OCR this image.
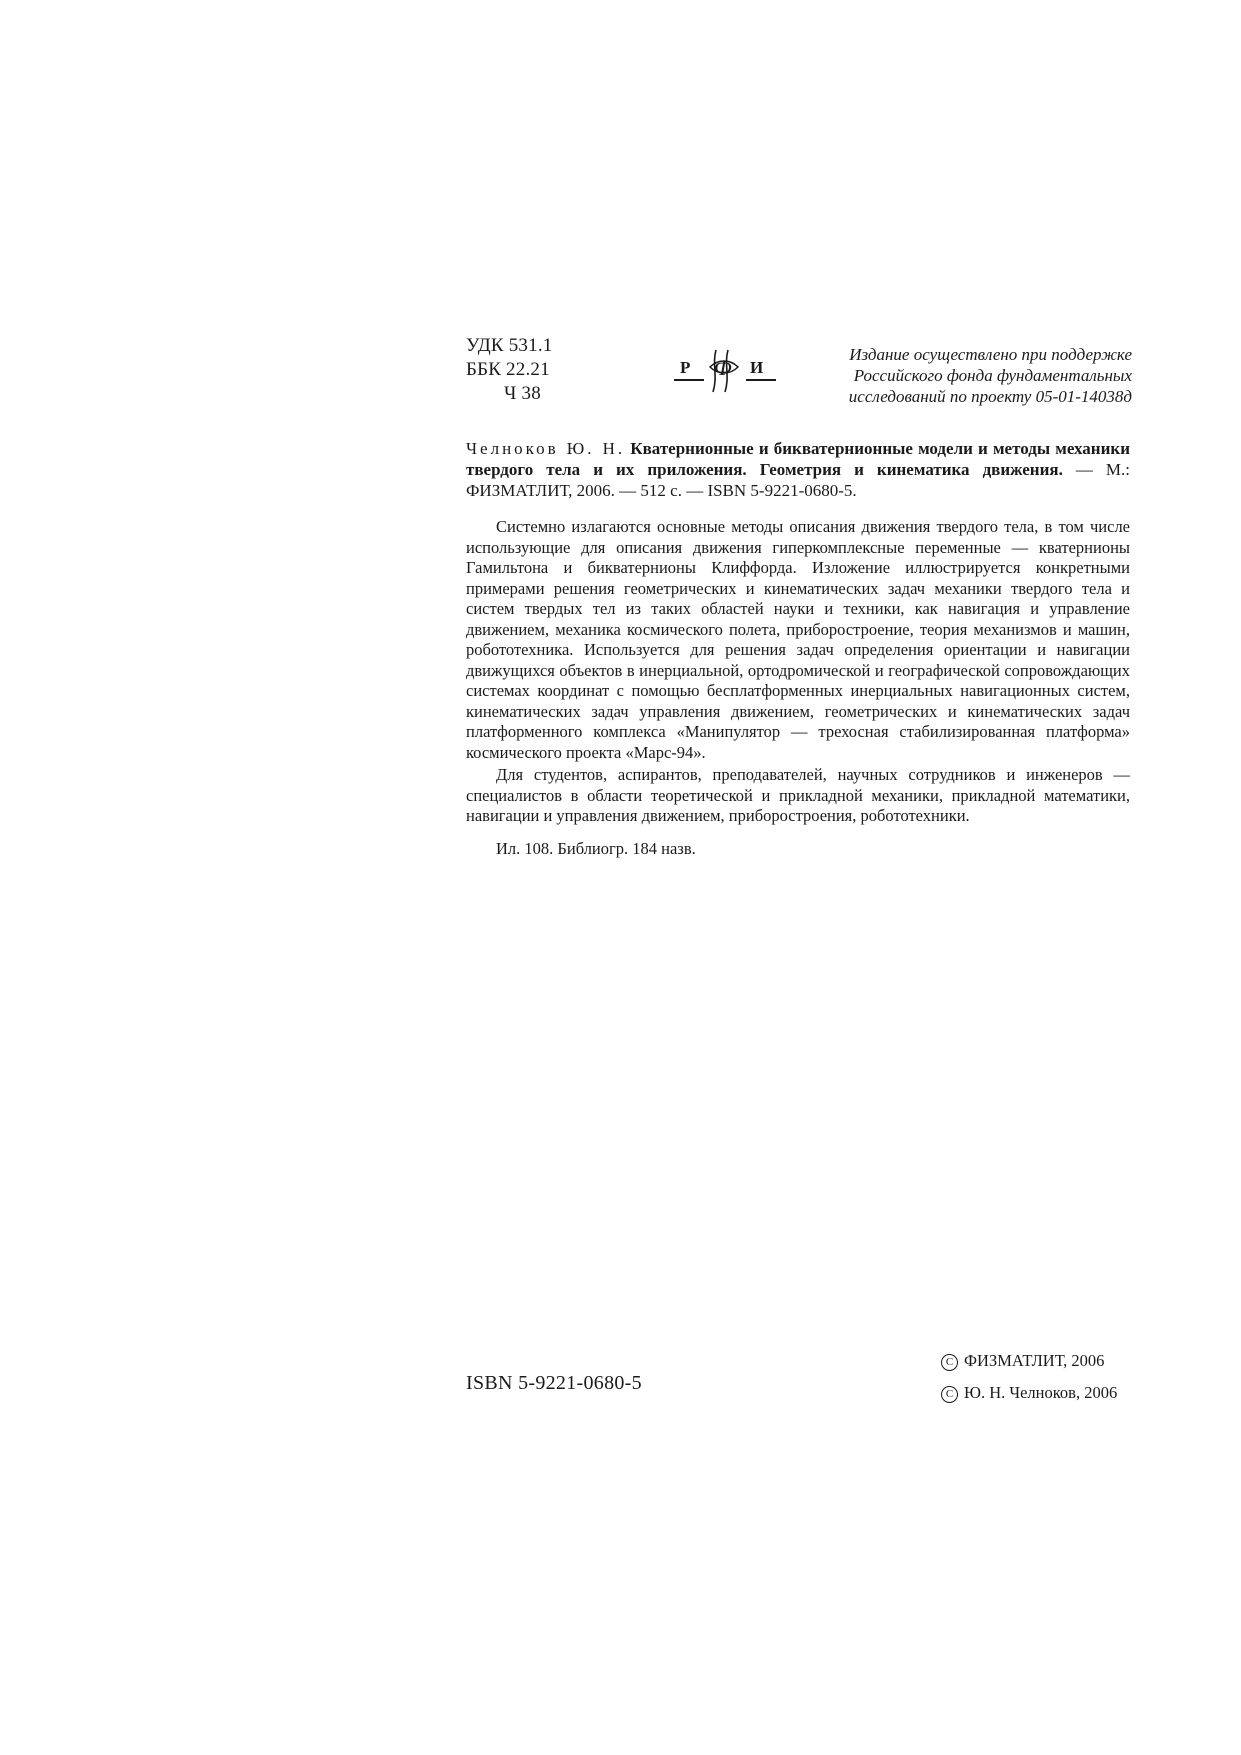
УДК 531.1
ББК 22.21
Ч 38
Р Ф И
Издание осуществлено при поддержке
Российского фонда фундаментальных
исследований по проекту 05-01-14038д
Челноков Ю. Н. Кватернионные и бикватернионные модели и методы механики твердого тела и их приложения. Геометрия и кинематика движения. — М.: ФИЗМАТЛИТ, 2006. — 512 с. — ISBN 5-9221-0680-5.

Системно излагаются основные методы описания движения твердого тела, в том числе использующие для описания движения гиперкомплексные переменные — кватернионы Гамильтона и бикватернионы Клиффорда. Изложение иллюстрируется конкретными примерами решения геометрических и кинематических задач механики твердого тела и систем твердых тел из таких областей науки и техники, как навигация и управление движением, механика космического полета, приборостроение, теория механизмов и машин, робототехника. Используется для решения задач определения ориентации и навигации движущихся объектов в инерциальной, ортодромической и географической сопровождающих системах координат с помощью бесплатформенных инерциальных навигационных систем, кинематических задач управления движением, геометрических и кинематических задач платформенного комплекса «Манипулятор — трехосная стабилизированная платформа» космического проекта «Марс-94».

Для студентов, аспирантов, преподавателей, научных сотрудников и инженеров — специалистов в области теоретической и прикладной механики, прикладной математики, навигации и управления движением, приборостроения, робототехники.

Ил. 108. Библиогр. 184 назв.

ISBN 5-9221-0680-5
C ФИЗМАТЛИТ, 2006
C Ю. Н. Челноков, 2006
